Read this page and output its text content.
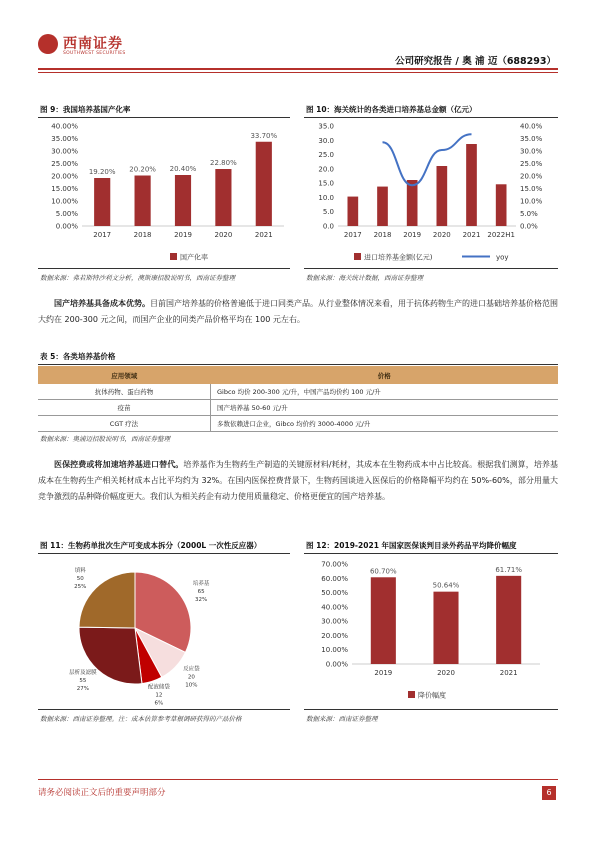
西南证券
SOUTHWEST SECURITIES
公司研究报告 / 奥 浦 迈（688293）
图 9：我国培养基国产化率
0.00%
5.00%
10.00%
15.00%
20.00%
25.00%
30.00%
35.00%
40.00%
19.20%
2017
20.20%
2018
20.40%
2019
22.80%
2020
33.70%
2021
国产化率
数据来源：弗若斯特沙利文分析，澳斯康招股说明书，西南证券整理
图 10：海关统计的各类进口培养基总金额（亿元）
0.0
5.0
10.0
15.0
20.0
25.0
30.0
35.0
0.0%
5.0%
10.0%
15.0%
20.0%
25.0%
30.0%
35.0%
40.0%
2017 2018 2019 2020 2021 2022H1
进口培养基金额(亿元)	yoy
数据来源：海关统计数据，西南证券整理
国产培养基具备成本优势。目前国产培养基的价格普遍低于进口同类产品。从行业整体情况来看，用于抗体药物生产的进口基础培养基价格范围大约在 200-300 元之间，而国产企业的同类产品价格平均在 100 元左右。
表 5：各类培养基价格
应用领域	价格
抗体药物、蛋白药物	Gibco 均价 200-300 元/升，中国产品均价约 100 元/升
疫苗	国产培养基 50-60 元/升
CGT 疗法	多数依赖进口企业，Gibco 均价约 3000-4000 元/升
数据来源：奥浦迈招股说明书，西南证券整理
医保控费或将加速培养基进口替代。培养基作为生物药生产制造的关键原材料/耗材，其成本在生物药成本中占比较高。根据我们测算，培养基成本在生物药生产相关耗材成本占比平均约为 32%。在国内医保控费背景下，生物药国谈进入医保后的价格降幅平均约在 50%-60%，部分用量大竞争激烈的品种降价幅度更大。我们认为相关药企有动力使用质量稳定、价格更便宜的国产培养基。
图 11：生物药单批次生产可变成本拆分（2000L 一次性反应器）
培养基
65
32%
反应袋
20
10%
配液储袋
12
6%
层析及滤膜
55
27%
填料
50
25%
数据来源：西南证券整理。注：成本估算参考草根调研获得的产品价格
图 12：2019-2021 年国家医保谈判目录外药品平均降价幅度
0.00%
10.00%
20.00%
30.00%
40.00%
50.00%
60.00%
70.00%
60.70%
2019
50.64%
2020
61.71%
2021
降价幅度
数据来源：西南证券整理
请务必阅读正文后的重要声明部分	6
